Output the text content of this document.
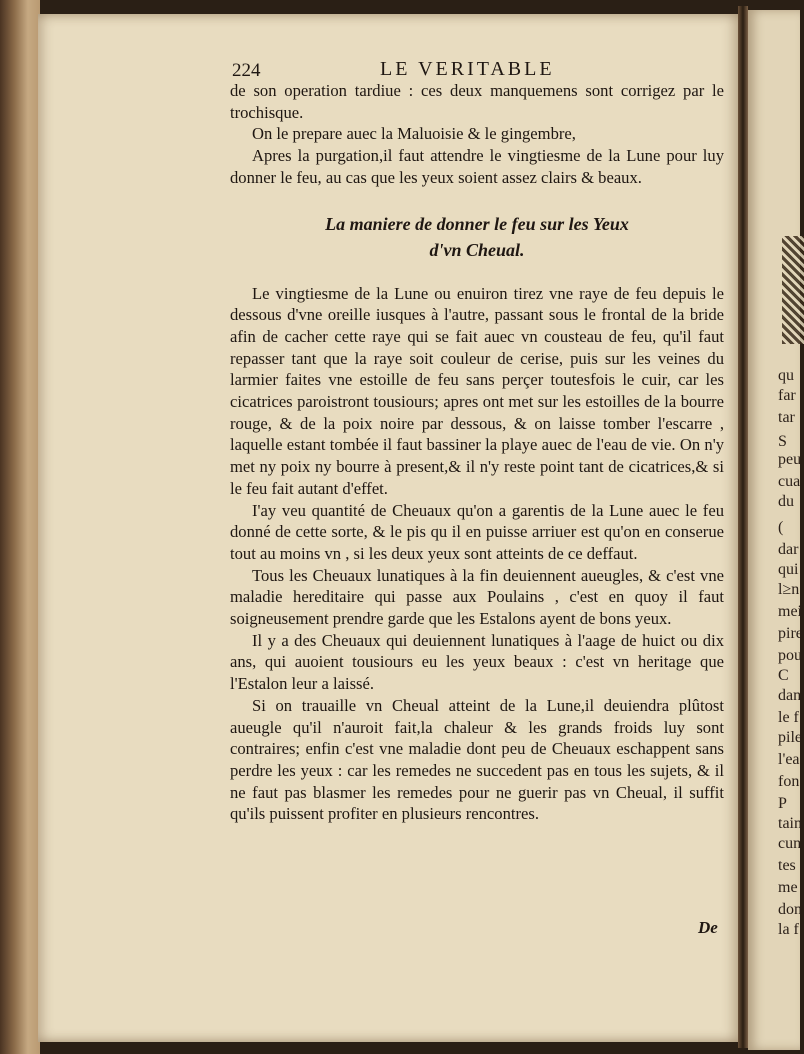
qu
far
tar
S
peu
cua
du
(
dar
qui
l≥n
mei
pire
pou
C
dan
le f
pile
l'ea
fon
P
tain
cun
tes
me
don
la f
224	LE VERITABLE

de son operation tardiue : ces deux manquemens sont corrigez par le trochisque.

On le prepare auec la Maluoisie & le gingembre,

Apres la purgation,il faut attendre le vingtiesme de la Lune pour luy donner le feu, au cas que les yeux soient assez clairs & beaux.

La maniere de donner le feu sur les Yeux
d'vn Cheual.

Le vingtiesme de la Lune ou enuiron tirez vne raye de feu depuis le dessous d'vne oreille iusques à l'autre, passant sous le frontal de la bride afin de cacher cette raye qui se fait auec vn cousteau de feu, qu'il faut repasser tant que la raye soit couleur de cerise, puis sur les veines du larmier faites vne estoille de feu sans perçer toutesfois le cuir, car les cicatrices paroistront tousiours; apres ont met sur les estoilles de la bourre rouge, & de la poix noire par dessous, & on laisse tomber l'escarre , laquelle estant tombée il faut bassiner la playe auec de l'eau de vie. On n'y met ny poix ny bourre à present,& il n'y reste point tant de cicatrices,& si le feu fait autant d'effet.

I'ay veu quantité de Cheuaux qu'on a garentis de la Lune auec le feu donné de cette sorte, & le pis qu il en puisse arriuer est qu'on en conserue tout au moins vn , si les deux yeux sont atteints de ce deffaut.

Tous les Cheuaux lunatiques à la fin deuiennent aueugles, & c'est vne maladie hereditaire qui passe aux Poulains , c'est en quoy il faut soigneusement prendre garde que les Estalons ayent de bons yeux.

Il y a des Cheuaux qui deuiennent lunatiques à l'aage de huict ou dix ans, qui auoient tousiours eu les yeux beaux : c'est vn heritage que l'Estalon leur a laissé.

Si on trauaille vn Cheual atteint de la Lune,il deuiendra plûtost aueugle qu'il n'auroit fait,la chaleur & les grands froids luy sont contraires; enfin c'est vne maladie dont peu de Cheuaux eschappent sans perdre les yeux : car les remedes ne succedent pas en tous les sujets, & il ne faut pas blasmer les remedes pour ne guerir pas vn Cheual, il suffit qu'ils puissent profiter en plusieurs rencontres.

De
